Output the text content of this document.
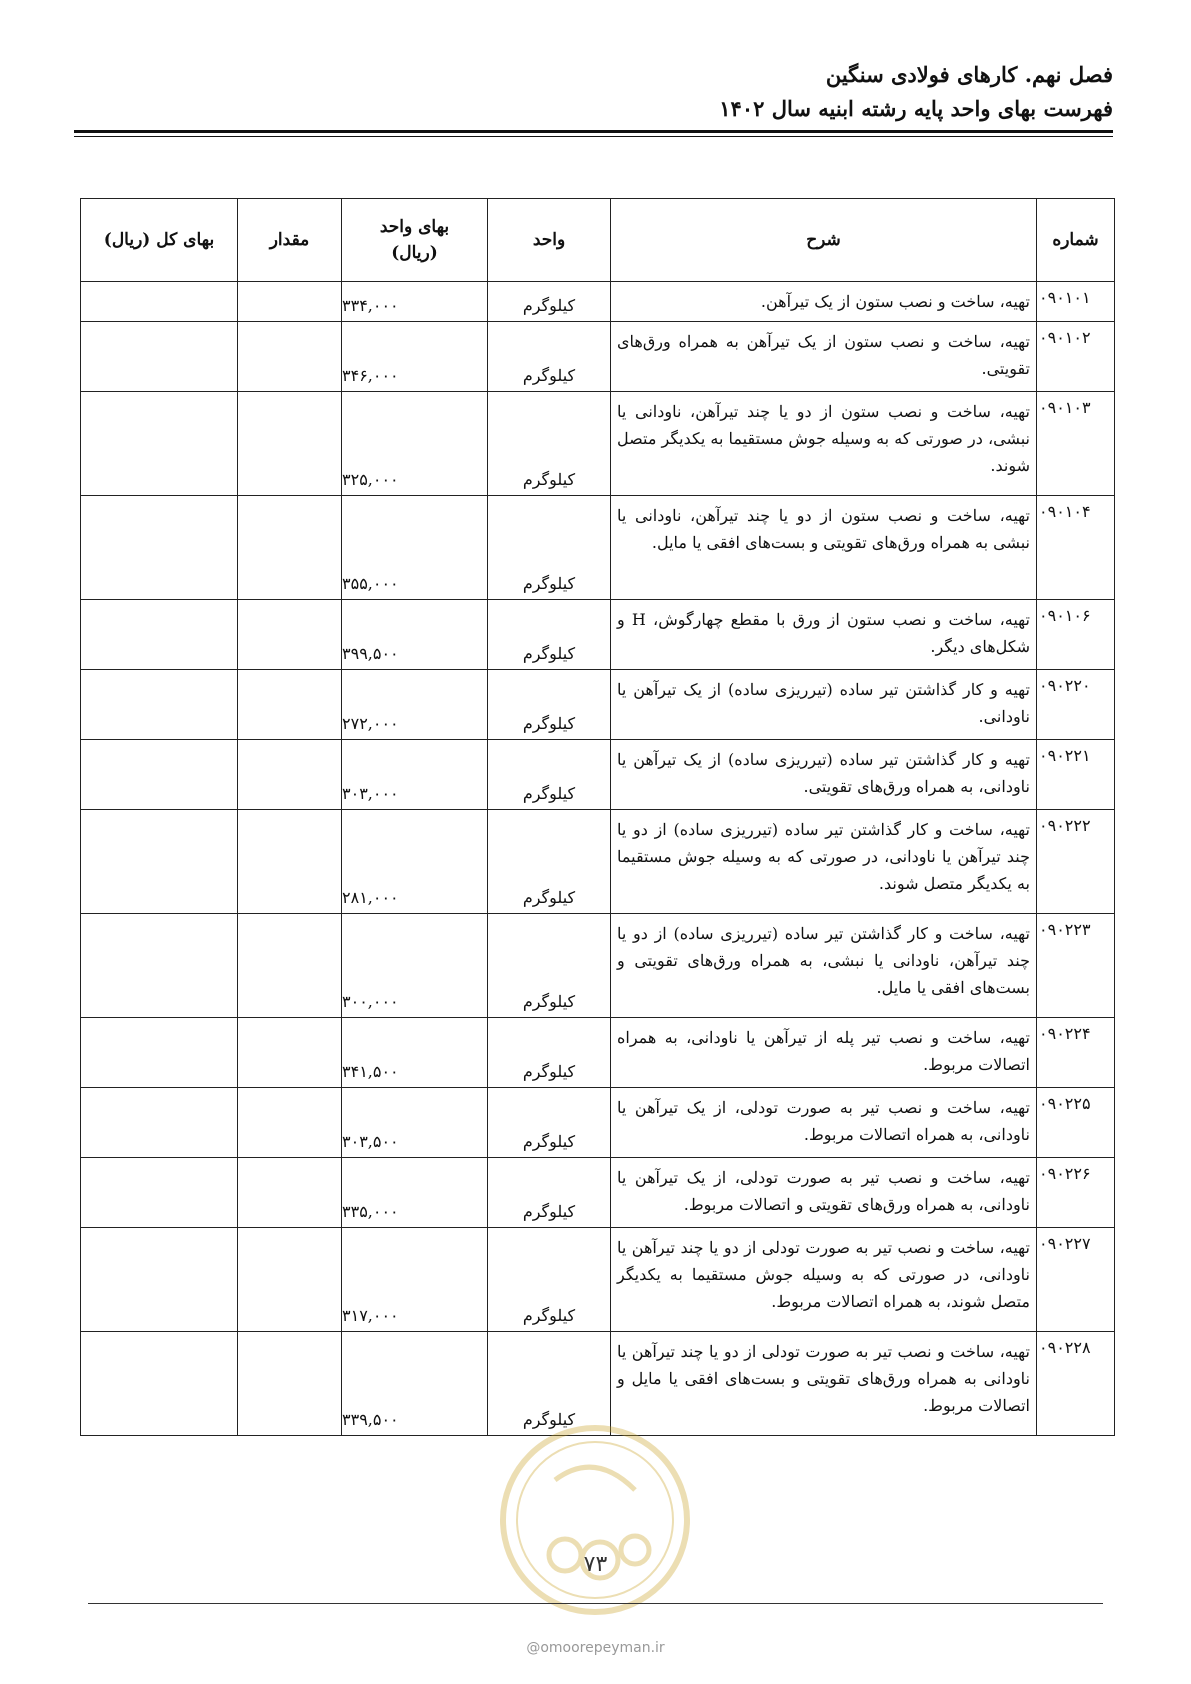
فصل نهم. کارهای فولادی سنگین
فهرست بهای واحد پایه رشته ابنیه سال ۱۴۰۲
شماره	شرح	واحد	بهای واحد (ریال)	مقدار	بهای کل (ریال)
۰۹۰۱۰۱	تهیه، ساخت و نصب ستون از یک تیرآهن.	کیلوگرم	۳۳۴,۰۰۰		
۰۹۰۱۰۲	تهیه، ساخت و نصب ستون از یک تیرآهن به همراه ورق‌های تقویتی.	کیلوگرم	۳۴۶,۰۰۰		
۰۹۰۱۰۳	تهیه، ساخت و نصب ستون از دو یا چند تیرآهن، ناودانی یا نبشی، در صورتی که به وسیله جوش مستقیما به یکدیگر متصل شوند.	کیلوگرم	۳۲۵,۰۰۰		
۰۹۰۱۰۴	تهیه، ساخت و نصب ستون از دو یا چند تیرآهن، ناودانی یا نبشی به همراه ورق‌های تقویتی و بست‌های افقی یا مایل.	کیلوگرم	۳۵۵,۰۰۰		
۰۹۰۱۰۶	تهیه، ساخت و نصب ستون از ورق با مقطع چهارگوش، H و شکل‌های دیگر.	کیلوگرم	۳۹۹,۵۰۰		
۰۹۰۲۲۰	تهیه و کار گذاشتن تیر ساده (تیرریزی ساده) از یک تیرآهن یا ناودانی.	کیلوگرم	۲۷۲,۰۰۰		
۰۹۰۲۲۱	تهیه و کار گذاشتن تیر ساده (تیرریزی ساده) از یک تیرآهن یا ناودانی، به همراه ورق‌های تقویتی.	کیلوگرم	۳۰۳,۰۰۰		
۰۹۰۲۲۲	تهیه، ساخت و کار گذاشتن تیر ساده (تیرریزی ساده) از دو یا چند تیرآهن یا ناودانی، در صورتی که به وسیله جوش مستقیما به یکدیگر متصل شوند.	کیلوگرم	۲۸۱,۰۰۰		
۰۹۰۲۲۳	تهیه، ساخت و کار گذاشتن تیر ساده (تیرریزی ساده) از دو یا چند تیرآهن، ناودانی یا نبشی، به همراه ورق‌های تقویتی و بست‌های افقی یا مایل.	کیلوگرم	۳۰۰,۰۰۰		
۰۹۰۲۲۴	تهیه، ساخت و نصب تیر پله از تیرآهن یا ناودانی، به همراه اتصالات مربوط.	کیلوگرم	۳۴۱,۵۰۰		
۰۹۰۲۲۵	تهیه، ساخت و نصب تیر به صورت تودلی، از یک تیرآهن یا ناودانی، به همراه اتصالات مربوط.	کیلوگرم	۳۰۳,۵۰۰		
۰۹۰۲۲۶	تهیه، ساخت و نصب تیر به صورت تودلی، از یک تیرآهن یا ناودانی، به همراه ورق‌های تقویتی و اتصالات مربوط.	کیلوگرم	۳۳۵,۰۰۰		
۰۹۰۲۲۷	تهیه، ساخت و نصب تیر به صورت تودلی از دو یا چند تیرآهن یا ناودانی، در صورتی که به وسیله جوش مستقیما به یکدیگر متصل شوند، به همراه اتصالات مربوط.	کیلوگرم	۳۱۷,۰۰۰		
۰۹۰۲۲۸	تهیه، ساخت و نصب تیر به صورت تودلی از دو یا چند تیرآهن یا ناودانی به همراه ورق‌های تقویتی و بست‌های افقی یا مایل و اتصالات مربوط.	کیلوگرم	۳۳۹,۵۰۰		
۷۳
@omoorepeyman.ir
